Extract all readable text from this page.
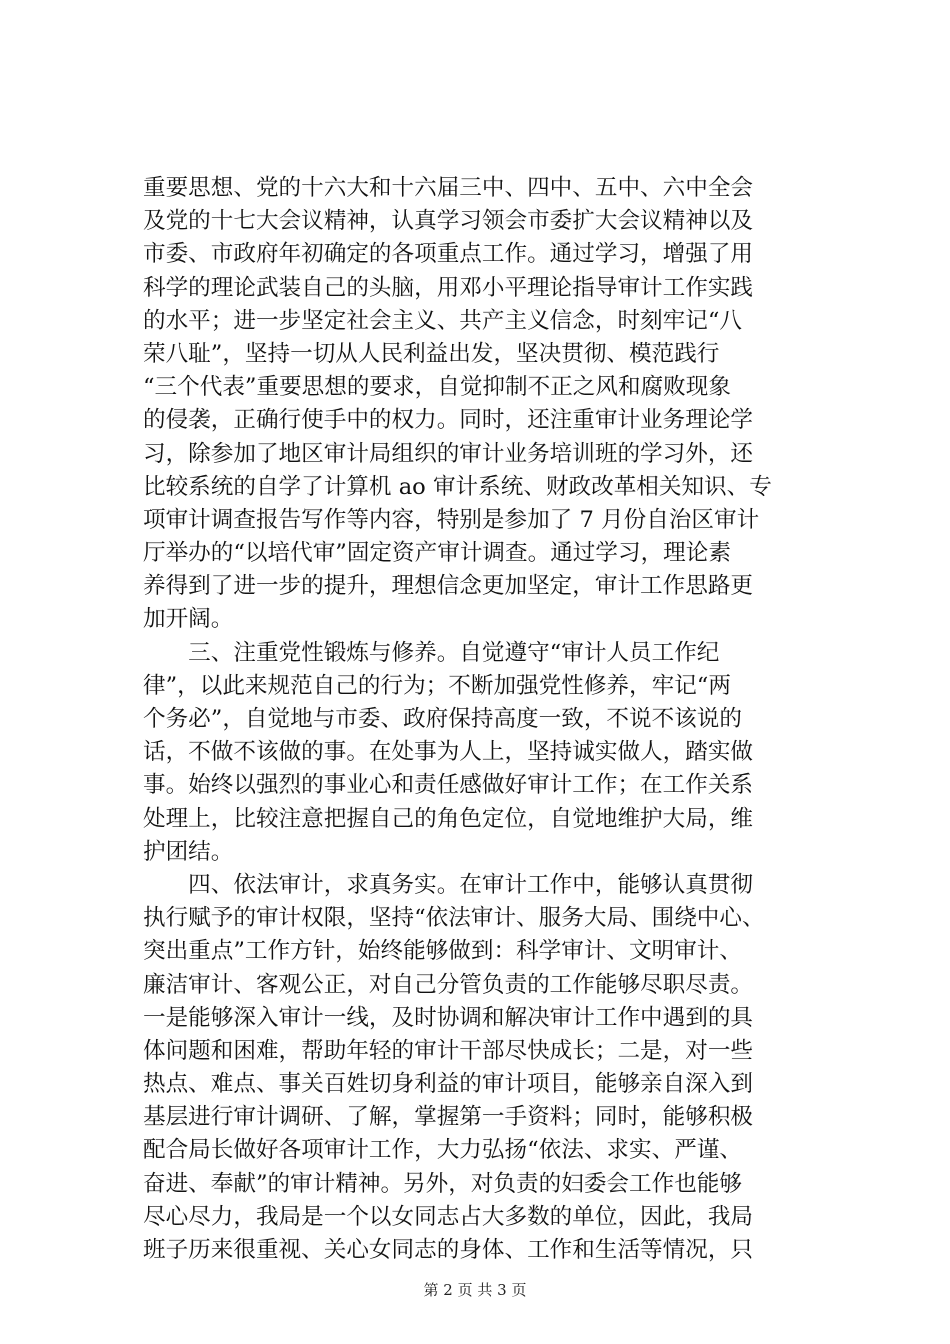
重要思想、党的十六大和十六届三中、四中、五中、六中全会
及党的十七大会议精神，认真学习领会市委扩大会议精神以及
市委、市政府年初确定的各项重点工作。通过学习，增强了用
科学的理论武装自己的头脑，用邓小平理论指导审计工作实践
的水平；进一步坚定社会主义、共产主义信念，时刻牢记“八
荣八耻”，坚持一切从人民利益出发，坚决贯彻、模范践行
“三个代表”重要思想的要求，自觉抑制不正之风和腐败现象
的侵袭，正确行使手中的权力。同时，还注重审计业务理论学
习，除参加了地区审计局组织的审计业务培训班的学习外，还
比较系统的自学了计算机 ao 审计系统、财政改革相关知识、专
项审计调查报告写作等内容，特别是参加了 7 月份自治区审计
厅举办的“以培代审”固定资产审计调查。通过学习，理论素
养得到了进一步的提升，理想信念更加坚定，审计工作思路更
加开阔。
　　三、注重党性锻炼与修养。自觉遵守“审计人员工作纪
律”，以此来规范自己的行为；不断加强党性修养，牢记“两
个务必”，自觉地与市委、政府保持高度一致，不说不该说的
话，不做不该做的事。在处事为人上，坚持诚实做人，踏实做
事。始终以强烈的事业心和责任感做好审计工作；在工作关系
处理上，比较注意把握自己的角色定位，自觉地维护大局，维
护团结。
　　四、依法审计，求真务实。在审计工作中，能够认真贯彻
执行赋予的审计权限，坚持“依法审计、服务大局、围绕中心、
突出重点”工作方针，始终能够做到：科学审计、文明审计、
廉洁审计、客观公正，对自己分管负责的工作能够尽职尽责。
一是能够深入审计一线，及时协调和解决审计工作中遇到的具
体问题和困难，帮助年轻的审计干部尽快成长；二是，对一些
热点、难点、事关百姓切身利益的审计项目，能够亲自深入到
基层进行审计调研、了解，掌握第一手资料；同时，能够积极
配合局长做好各项审计工作，大力弘扬“依法、求实、严谨、
奋进、奉献”的审计精神。另外，对负责的妇委会工作也能够
尽心尽力，我局是一个以女同志占大多数的单位，因此，我局
班子历来很重视、关心女同志的身体、工作和生活等情况，只
第 2 页 共 3 页
